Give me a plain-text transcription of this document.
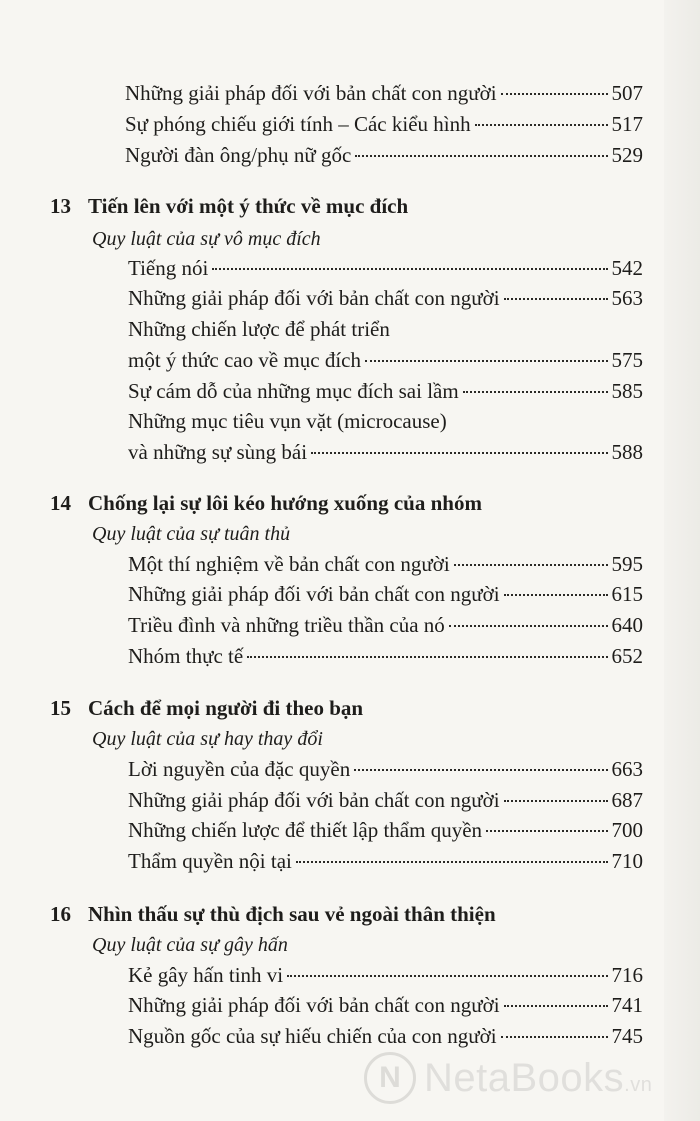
Những giải pháp đối với bản chất con người	507
Sự phóng chiếu giới tính – Các kiểu hình	517
Người đàn ông/phụ nữ gốc	529
13 Tiến lên với một ý thức về mục đích
Quy luật của sự vô mục đích
Tiếng nói	542
Những giải pháp đối với bản chất con người	563
Những chiến lược để phát triển
một ý thức cao về mục đích	575
Sự cám dỗ của những mục đích sai lầm	585
Những mục tiêu vụn vặt (microcause)
và những sự sùng bái	588
14 Chống lại sự lôi kéo hướng xuống của nhóm
Quy luật của sự tuân thủ
Một thí nghiệm về bản chất con người	595
Những giải pháp đối với bản chất con người	615
Triều đình và những triều thần của nó	640
Nhóm thực tế	652
15 Cách để mọi người đi theo bạn
Quy luật của sự hay thay đổi
Lời nguyền của đặc quyền	663
Những giải pháp đối với bản chất con người	687
Những chiến lược để thiết lập thẩm quyền	700
Thẩm quyền nội tại	710
16 Nhìn thấu sự thù địch sau vẻ ngoài thân thiện
Quy luật của sự gây hấn
Kẻ gây hấn tinh vi	716
Những giải pháp đối với bản chất con người	741
Nguồn gốc của sự hiếu chiến của con người	745
N NetaBooks.vn
